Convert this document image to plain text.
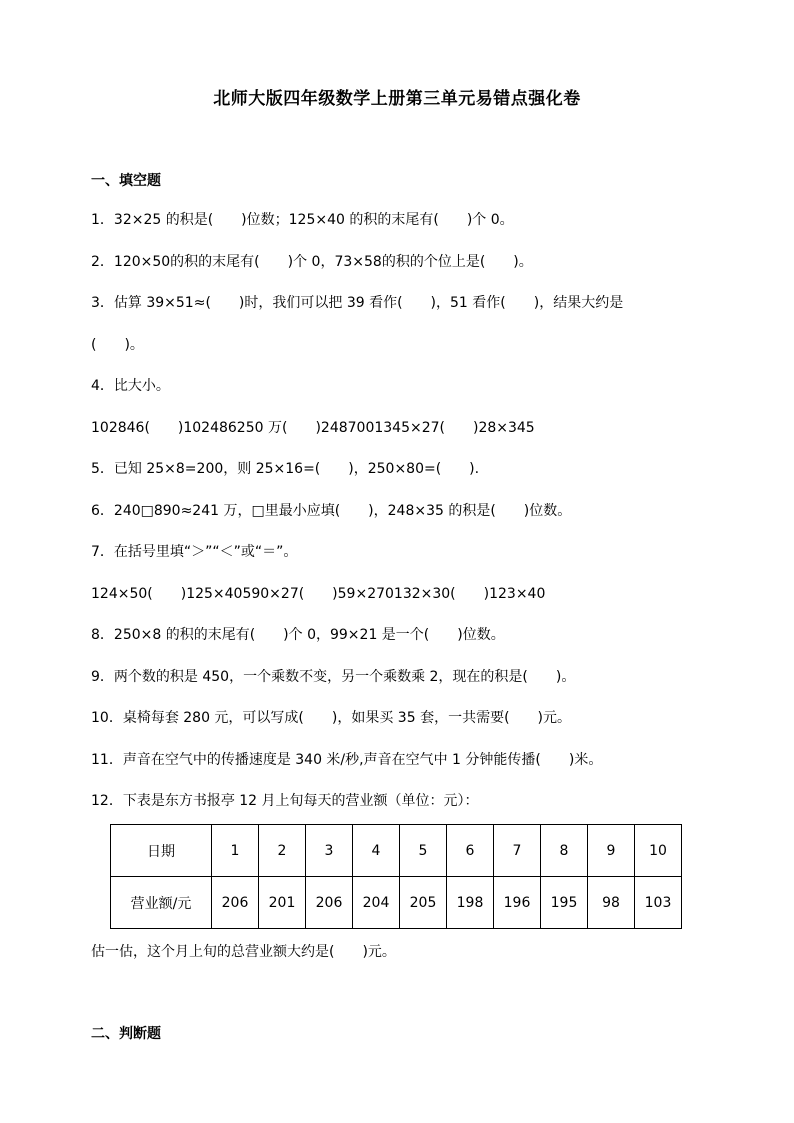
北师大版四年级数学上册第三单元易错点强化卷
一、填空题
1．32×25 的积是(　　)位数；125×40 的积的末尾有(　　)个 0。
2．120×50的积的末尾有(　　)个 0，73×58的积的个位上是(　　)。
3．估算 39×51≈(　　)时，我们可以把 39 看作(　　)，51 看作(　　)，结果大约是
(　　)。
4．比大小。
102846(　　)102486250 万(　　)2487001345×27(　　)28×345
5．已知 25×8=200，则 25×16=(　　)，250×80=(　　).
6．240□890≈241 万，□里最小应填(　　)，248×35 的积是(　　)位数。
7．在括号里填“＞”“＜”或“＝”。
124×50(　　)125×40590×27(　　)59×270132×30(　　)123×40
8．250×8 的积的末尾有(　　)个 0，99×21 是一个(　　)位数。
9．两个数的积是 450，一个乘数不变，另一个乘数乘 2，现在的积是(　　)。
10．桌椅每套 280 元，可以写成(　　)，如果买 35 套，一共需要(　　)元。
11．声音在空气中的传播速度是 340 米/秒,声音在空气中 1 分钟能传播(　　)米。
12．下表是东方书报亭 12 月上旬每天的营业额（单位：元）：
日期	1	2	3	4	5	6	7	8	9	10
营业额/元	206	201	206	204	205	198	196	195	98	103
估一估，这个月上旬的总营业额大约是(　　)元。
二、判断题
